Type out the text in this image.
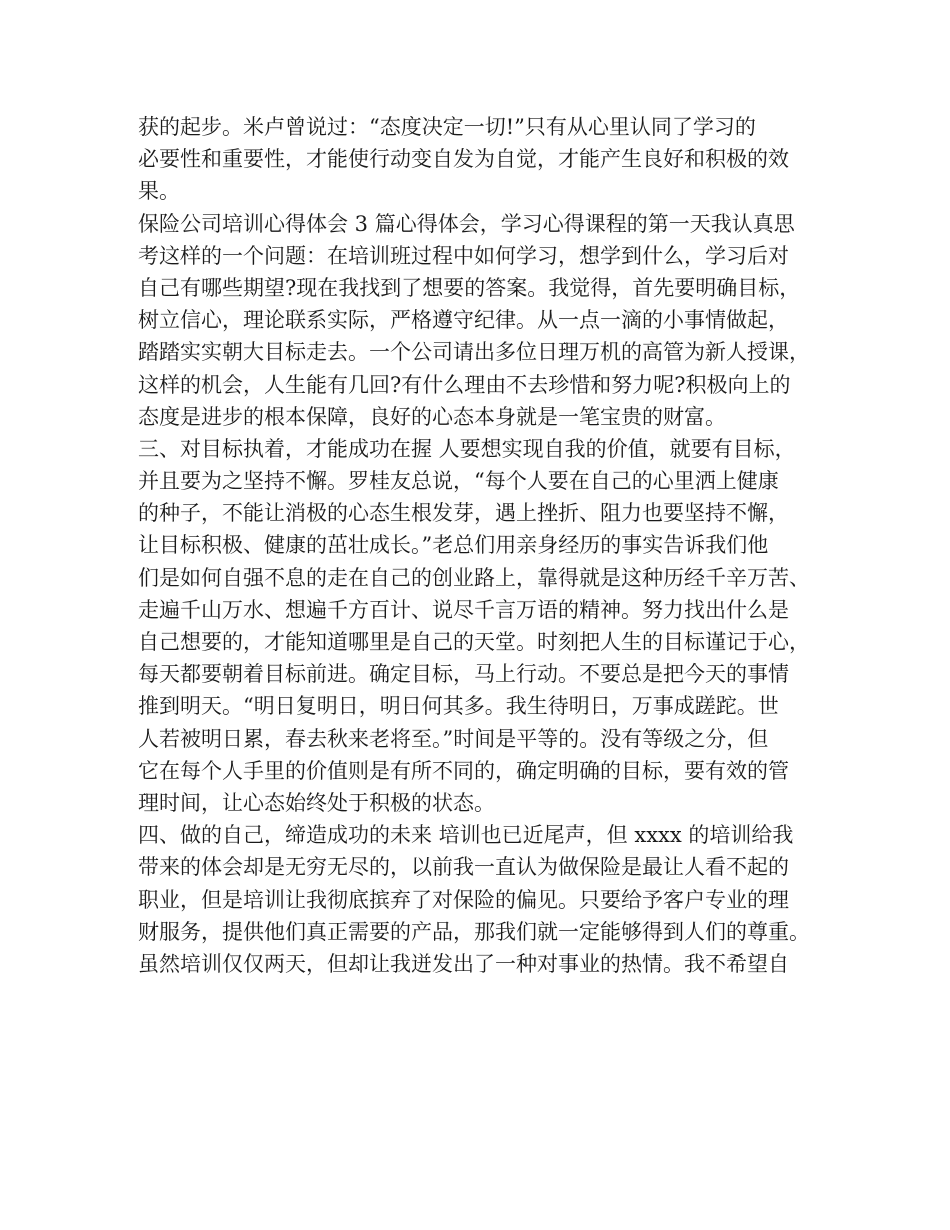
获的起步。米卢曾说过：“态度决定一切!”只有从心里认同了学习的
必要性和重要性，才能使行动变自发为自觉，才能产生良好和积极的效
果。
保险公司培训心得体会 3 篇心得体会，学习心得课程的第一天我认真思
考这样的一个问题：在培训班过程中如何学习，想学到什么，学习后对
自己有哪些期望?现在我找到了想要的答案。我觉得，首先要明确目标，
树立信心，理论联系实际，严格遵守纪律。从一点一滴的小事情做起，
踏踏实实朝大目标走去。一个公司请出多位日理万机的高管为新人授课，
这样的机会，人生能有几回?有什么理由不去珍惜和努力呢?积极向上的
态度是进步的根本保障，良好的心态本身就是一笔宝贵的财富。
三、对目标执着，才能成功在握 人要想实现自我的价值，就要有目标，
并且要为之坚持不懈。罗桂友总说，“每个人要在自己的心里洒上健康
的种子，不能让消极的心态生根发芽，遇上挫折、阻力也要坚持不懈，
让目标积极、健康的茁壮成长。”老总们用亲身经历的事实告诉我们他
们是如何自强不息的走在自己的创业路上，靠得就是这种历经千辛万苦、
走遍千山万水、想遍千方百计、说尽千言万语的精神。努力找出什么是
自己想要的，才能知道哪里是自己的天堂。时刻把人生的目标谨记于心，
每天都要朝着目标前进。确定目标，马上行动。不要总是把今天的事情
推到明天。“明日复明日，明日何其多。我生待明日，万事成蹉跎。世
人若被明日累，春去秋来老将至。”时间是平等的。没有等级之分，但
它在每个人手里的价值则是有所不同的，确定明确的目标，要有效的管
理时间，让心态始终处于积极的状态。
四、做的自己，缔造成功的未来 培训也已近尾声，但 xxxx 的培训给我
带来的体会却是无穷无尽的，以前我一直认为做保险是最让人看不起的
职业，但是培训让我彻底摈弃了对保险的偏见。只要给予客户专业的理
财服务，提供他们真正需要的产品，那我们就一定能够得到人们的尊重。
虽然培训仅仅两天，但却让我迸发出了一种对事业的热情。我不希望自
